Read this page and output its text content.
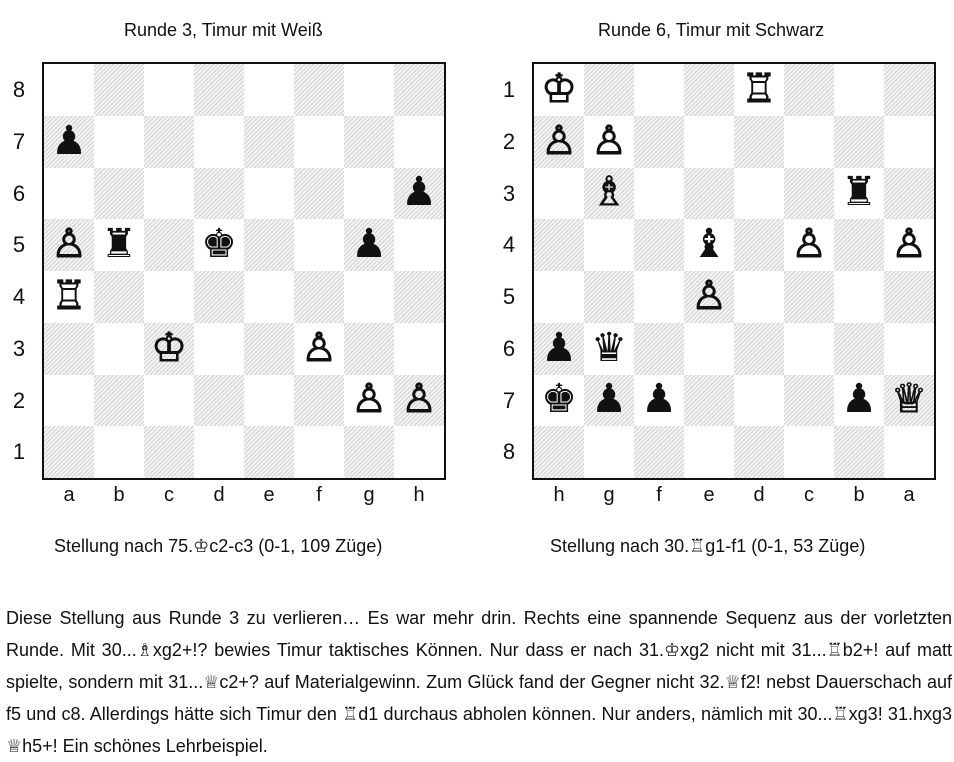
Runde 3, Timur mit Weiß	Runde 6, Timur mit Schwarz
♟
♟
♙ ♜ ♚	♟
♖
♔	♙
♙ ♙
8
7
6
5
4
3
2
1
a	b	c	d	e	f	g	h
♔	♖
♙ ♙
♗	♜
♝ ♙ ♙
♙
♟ ♛
♚ ♟ ♟	♟ ♕
1
2
3
4
5
6
7
8
h	g	f	e	d	c	b	a
Stellung nach 75.♔c2-c3 (0-1, 109 Züge)	Stellung nach 30.♖g1-f1 (0-1, 53 Züge)

Diese Stellung aus Runde 3 zu verlieren… Es war mehr drin. Rechts eine spannende Sequenz aus der vorletzten Runde. Mit 30...♗xg2+!? bewies Timur taktisches Können. Nur dass er nach 31.♔xg2 nicht mit 31...♖b2+! auf matt spielte, sondern mit 31...♕c2+? auf Materialgewinn. Zum Glück fand der Gegner nicht 32.♕f2! nebst Dauerschach auf f5 und c8. Allerdings hätte sich Timur den ♖d1 durchaus abholen können. Nur anders, nämlich mit 30...♖xg3! 31.hxg3 ♕h5+! Ein schönes Lehrbeispiel.
